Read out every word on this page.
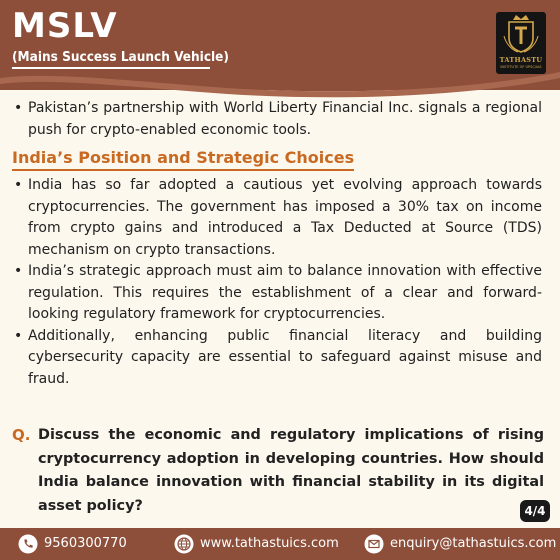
MSLV
(Mains Success Launch Vehicle)	TATHASTU
INSTITUTE OF UPSC/IAS
• Pakistan’s partnership with World Liberty Financial Inc. signals a regional push for crypto-enabled economic tools.
India’s Position and Strategic Choices
• India has so far adopted a cautious yet evolving approach towards cryptocurrencies. The government has imposed a 30% tax on income from crypto gains and introduced a Tax Deducted at Source (TDS) mechanism on crypto transactions.
• India’s strategic approach must aim to balance innovation with effective regulation. This requires the establishment of a clear and forward-looking regulatory framework for cryptocurrencies.
• Additionally, enhancing public financial literacy and building cybersecurity capacity are essential to safeguard against misuse and fraud.
Q. Discuss the economic and regulatory implications of rising cryptocurrency adoption in developing countries. How should India balance innovation with financial stability in its digital asset policy?	4/4
9560300770	www.tathastuics.com	enquiry@tathastuics.com
